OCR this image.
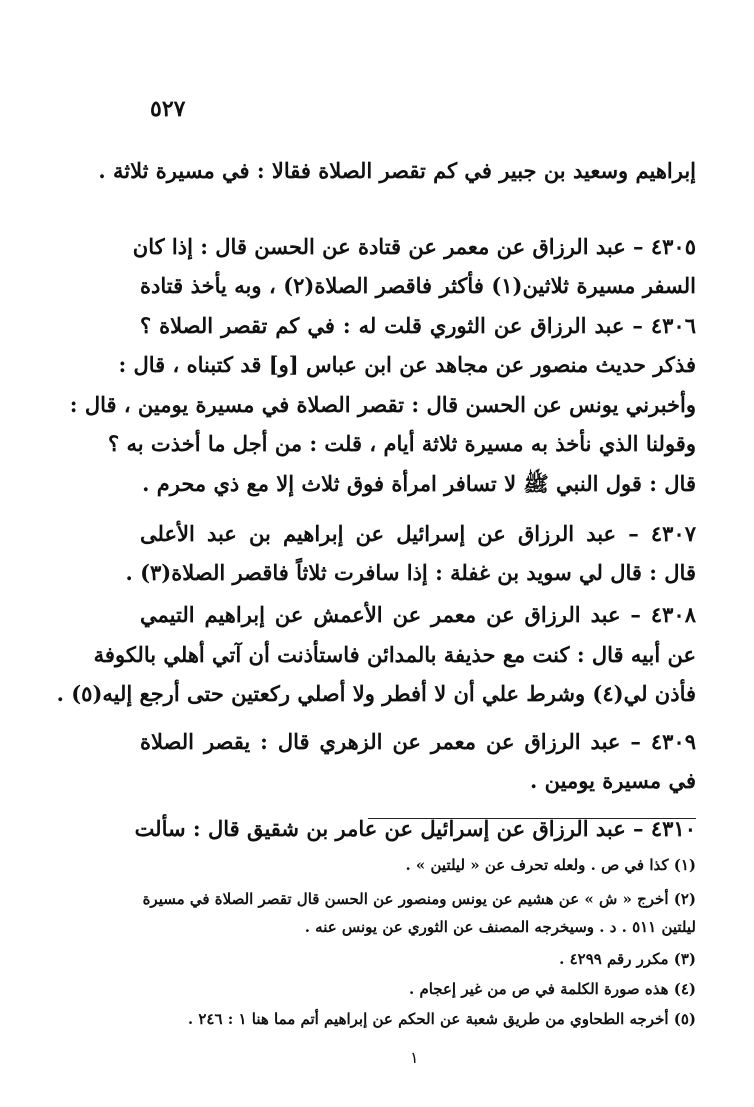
٥٢٧
إبراهيم وسعيد بن جبير في كم تقصر الصلاة فقالا : في مسيرة ثلاثة .
٤٣٠٥ – عبد الرزاق عن معمر عن قتادة عن الحسن قال : إذا كان
السفر مسيرة ثلاثين(١) فأكثر فاقصر الصلاة(٢) ، وبه يأخذ قتادة
٤٣٠٦ – عبد الرزاق عن الثوري قلت له : في كم تقصر الصلاة ؟
فذكر حديث منصور عن مجاهد عن ابن عباس [و] قد كتبناه ، قال :
وأخبرني يونس عن الحسن قال : تقصر الصلاة في مسيرة يومين ، قال :
وقولنا الذي نأخذ به مسيرة ثلاثة أيام ، قلت : من أجل ما أخذت به ؟
قال : قول النبي ﷺ لا تسافر امرأة فوق ثلاث إلا مع ذي محرم .
٤٣٠٧ – عبد الرزاق عن إسرائيل عن إبراهيم بن عبد الأعلى
قال : قال لي سويد بن غفلة : إذا سافرت ثلاثاً فاقصر الصلاة(٣) .
٤٣٠٨ – عبد الرزاق عن معمر عن الأعمش عن إبراهيم التيمي
عن أبيه قال : كنت مع حذيفة بالمدائن فاستأذنت أن آتي أهلي بالكوفة
فأذن لي(٤) وشرط علي أن لا أفطر ولا أصلي ركعتين حتى أرجع إليه(٥) .
٤٣٠٩ – عبد الرزاق عن معمر عن الزهري قال : يقصر الصلاة
في مسيرة يومين .
٤٣١٠ – عبد الرزاق عن إسرائيل عن عامر بن شقيق قال : سألت
(١) كذا في ص . ولعله تحرف عن « ليلتين » .
(٢) أخرج « ش » عن هشيم عن يونس ومنصور عن الحسن قال تقصر الصلاة في مسيرة
ليلتين ٥١١ . د . وسيخرجه المصنف عن الثوري عن يونس عنه .
(٣) مكرر رقم ٤٢٩٩ .
(٤) هذه صورة الكلمة في ص من غير إعجام .
(٥) أخرجه الطحاوي من طريق شعبة عن الحكم عن إبراهيم أتم مما هنا ١ : ٢٤٦ .
١
